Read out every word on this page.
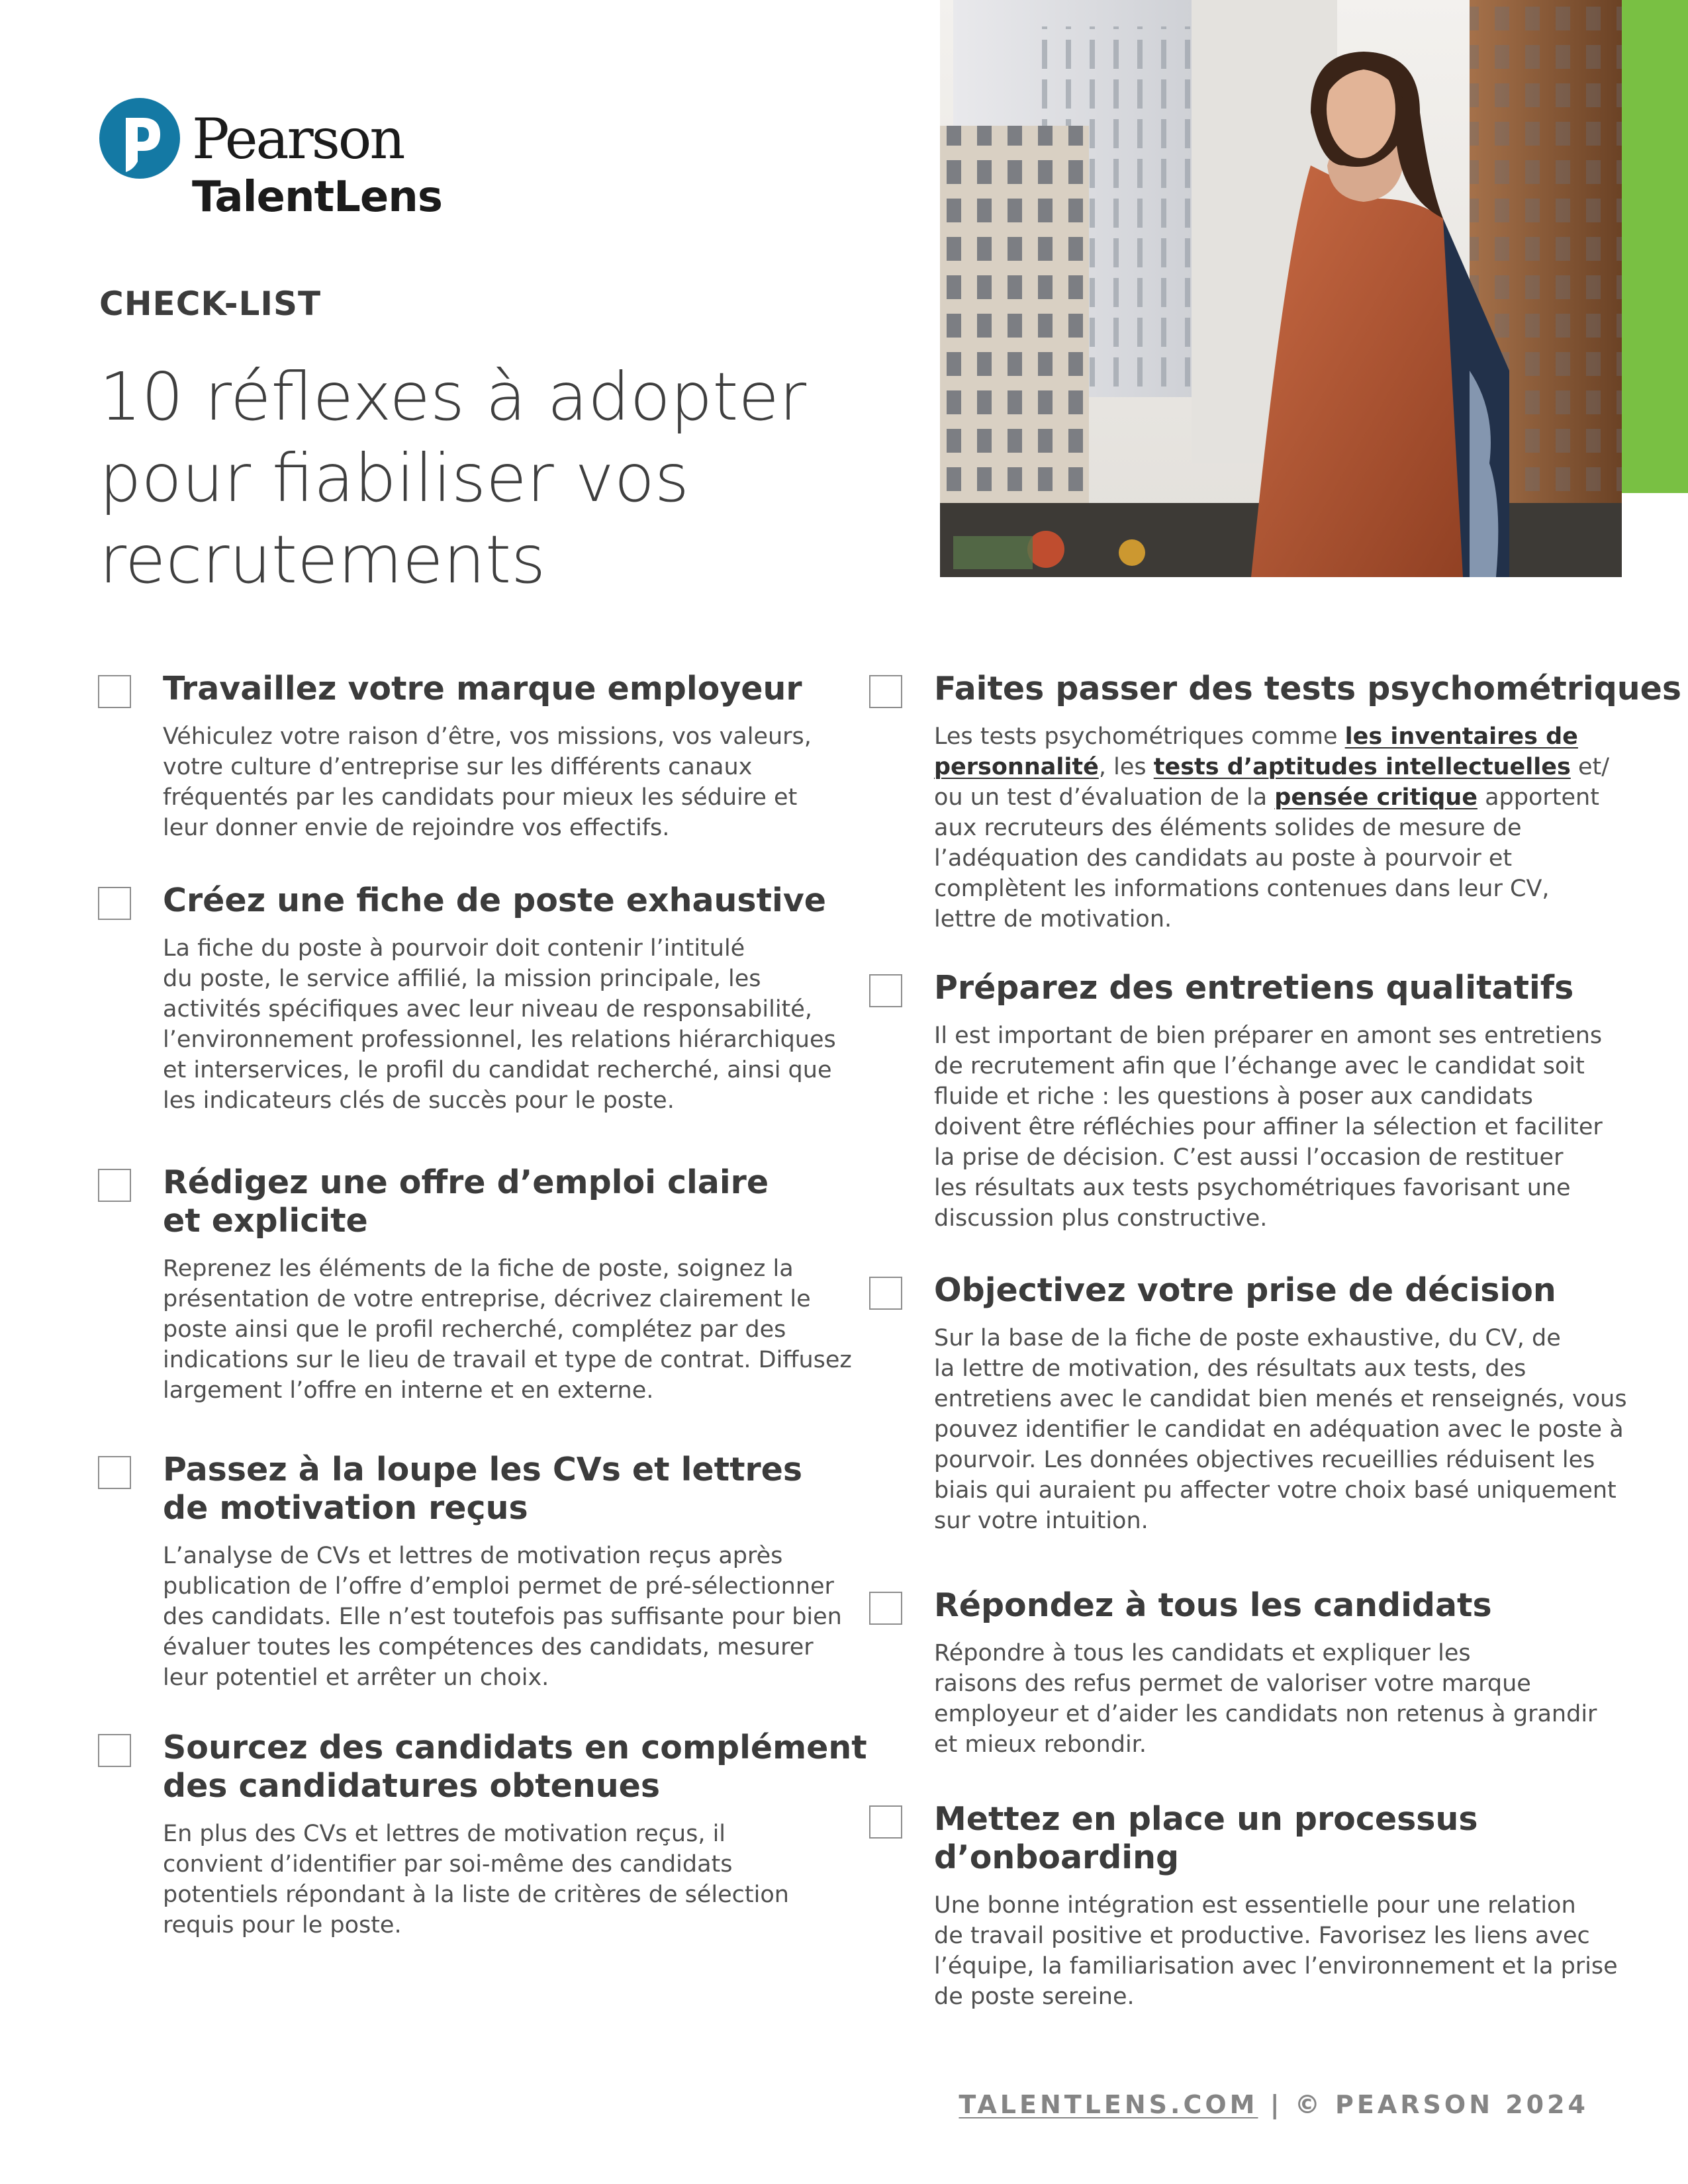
Pearson

TalentLens

CHECK-LIST

10 réflexes à adopter
pour fiabiliser vos
recrutements
Travaillez votre marque employeur

Véhiculez votre raison d’être, vos missions, vos valeurs,
votre culture d’entreprise sur les différents canaux
fréquentés par les candidats pour mieux les séduire et
leur donner envie de rejoindre vos effectifs.

Créez une fiche de poste exhaustive

La fiche du poste à pourvoir doit contenir l’intitulé
du poste, le service affilié, la mission principale, les
activités spécifiques avec leur niveau de responsabilité,
l’environnement professionnel, les relations hiérarchiques
et interservices, le profil du candidat recherché, ainsi que
les indicateurs clés de succès pour le poste.

Rédigez une offre d’emploi claire
et explicite

Reprenez les éléments de la fiche de poste, soignez la
présentation de votre entreprise, décrivez clairement le
poste ainsi que le profil recherché, complétez par des
indications sur le lieu de travail et type de contrat. Diffusez
largement l’offre en interne et en externe.

Passez à la loupe les CVs et lettres
de motivation reçus

L’analyse de CVs et lettres de motivation reçus après
publication de l’offre d’emploi permet de pré-sélectionner
des candidats. Elle n’est toutefois pas suffisante pour bien
évaluer toutes les compétences des candidats, mesurer
leur potentiel et arrêter un choix.

Sourcez des candidats en complément
des candidatures obtenues

En plus des CVs et lettres de motivation reçus, il
convient d’identifier par soi-même des candidats
potentiels répondant à la liste de critères de sélection
requis pour le poste.

Faites passer des tests psychométriques

Les tests psychométriques comme les inventaires de
personnalité, les tests d’aptitudes intellectuelles et/
ou un test d’évaluation de la pensée critique apportent
aux recruteurs des éléments solides de mesure de
l’adéquation des candidats au poste à pourvoir et
complètent les informations contenues dans leur CV,
lettre de motivation.

Préparez des entretiens qualitatifs

Il est important de bien préparer en amont ses entretiens
de recrutement afin que l’échange avec le candidat soit
fluide et riche : les questions à poser aux candidats
doivent être réfléchies pour affiner la sélection et faciliter
la prise de décision. C’est aussi l’occasion de restituer
les résultats aux tests psychométriques favorisant une
discussion plus constructive.

Objectivez votre prise de décision

Sur la base de la fiche de poste exhaustive, du CV, de
la lettre de motivation, des résultats aux tests, des
entretiens avec le candidat bien menés et renseignés, vous
pouvez identifier le candidat en adéquation avec le poste à
pourvoir. Les données objectives recueillies réduisent les
biais qui auraient pu affecter votre choix basé uniquement
sur votre intuition.

Répondez à tous les candidats

Répondre à tous les candidats et expliquer les
raisons des refus permet de valoriser votre marque
employeur et d’aider les candidats non retenus à grandir
et mieux rebondir.

Mettez en place un processus
d’onboarding

Une bonne intégration est essentielle pour une relation
de travail positive et productive. Favorisez les liens avec
l’équipe, la familiarisation avec l’environnement et la prise
de poste sereine.

TALENTLENS.COM | © PEARSON 2024
